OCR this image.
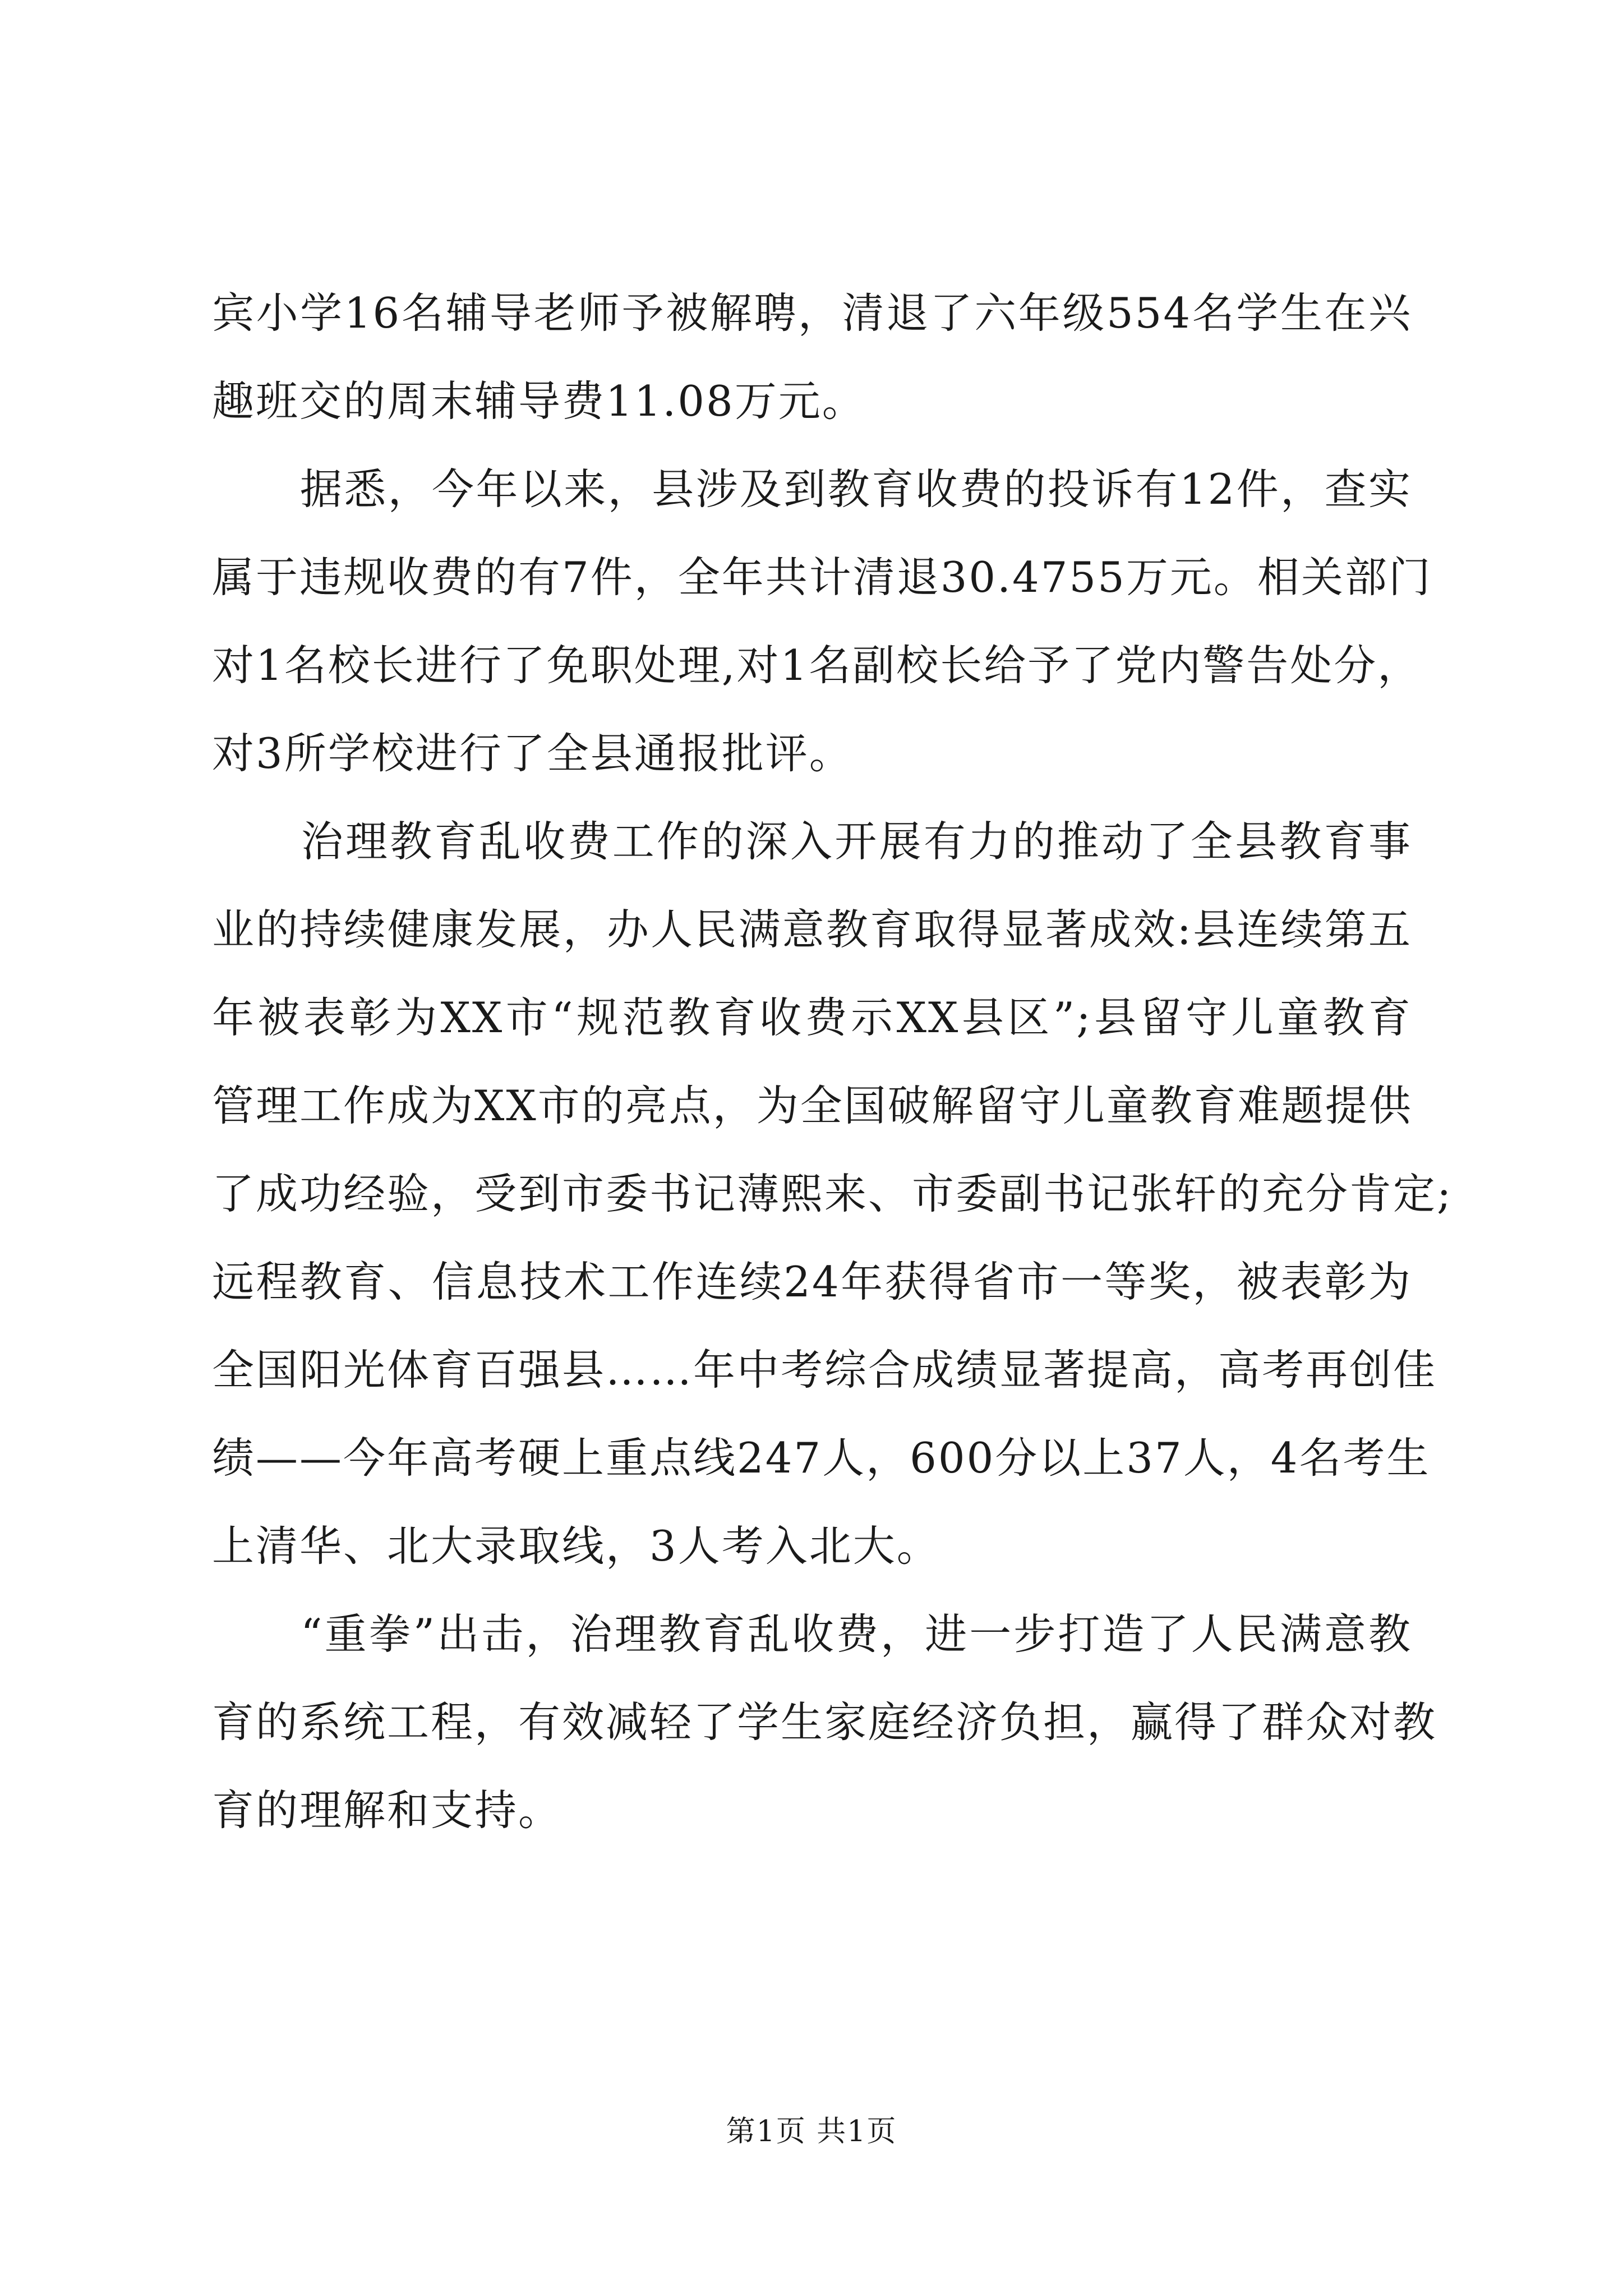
宾小学16名辅导老师予被解聘，清退了六年级554名学生在兴
趣班交的周末辅导费11.08万元。
　　据悉，今年以来，县涉及到教育收费的投诉有12件，查实
属于违规收费的有7件，全年共计清退30.4755万元。相关部门
对1名校长进行了免职处理,对1名副校长给予了党内警告处分，
对3所学校进行了全县通报批评。
　　治理教育乱收费工作的深入开展有力的推动了全县教育事
业的持续健康发展，办人民满意教育取得显著成效:县连续第五
年被表彰为XX市“规范教育收费示XX县区”;县留守儿童教育
管理工作成为XX市的亮点，为全国破解留守儿童教育难题提供
了成功经验，受到市委书记薄熙来、市委副书记张轩的充分肯定;
远程教育、信息技术工作连续24年获得省市一等奖，被表彰为
全国阳光体育百强县……年中考综合成绩显著提高，高考再创佳
绩——今年高考硬上重点线247人，600分以上37人，4名考生
上清华、北大录取线，3人考入北大。
　　“重拳”出击，治理教育乱收费，进一步打造了人民满意教
育的系统工程，有效减轻了学生家庭经济负担，赢得了群众对教
育的理解和支持。
第1页 共1页
